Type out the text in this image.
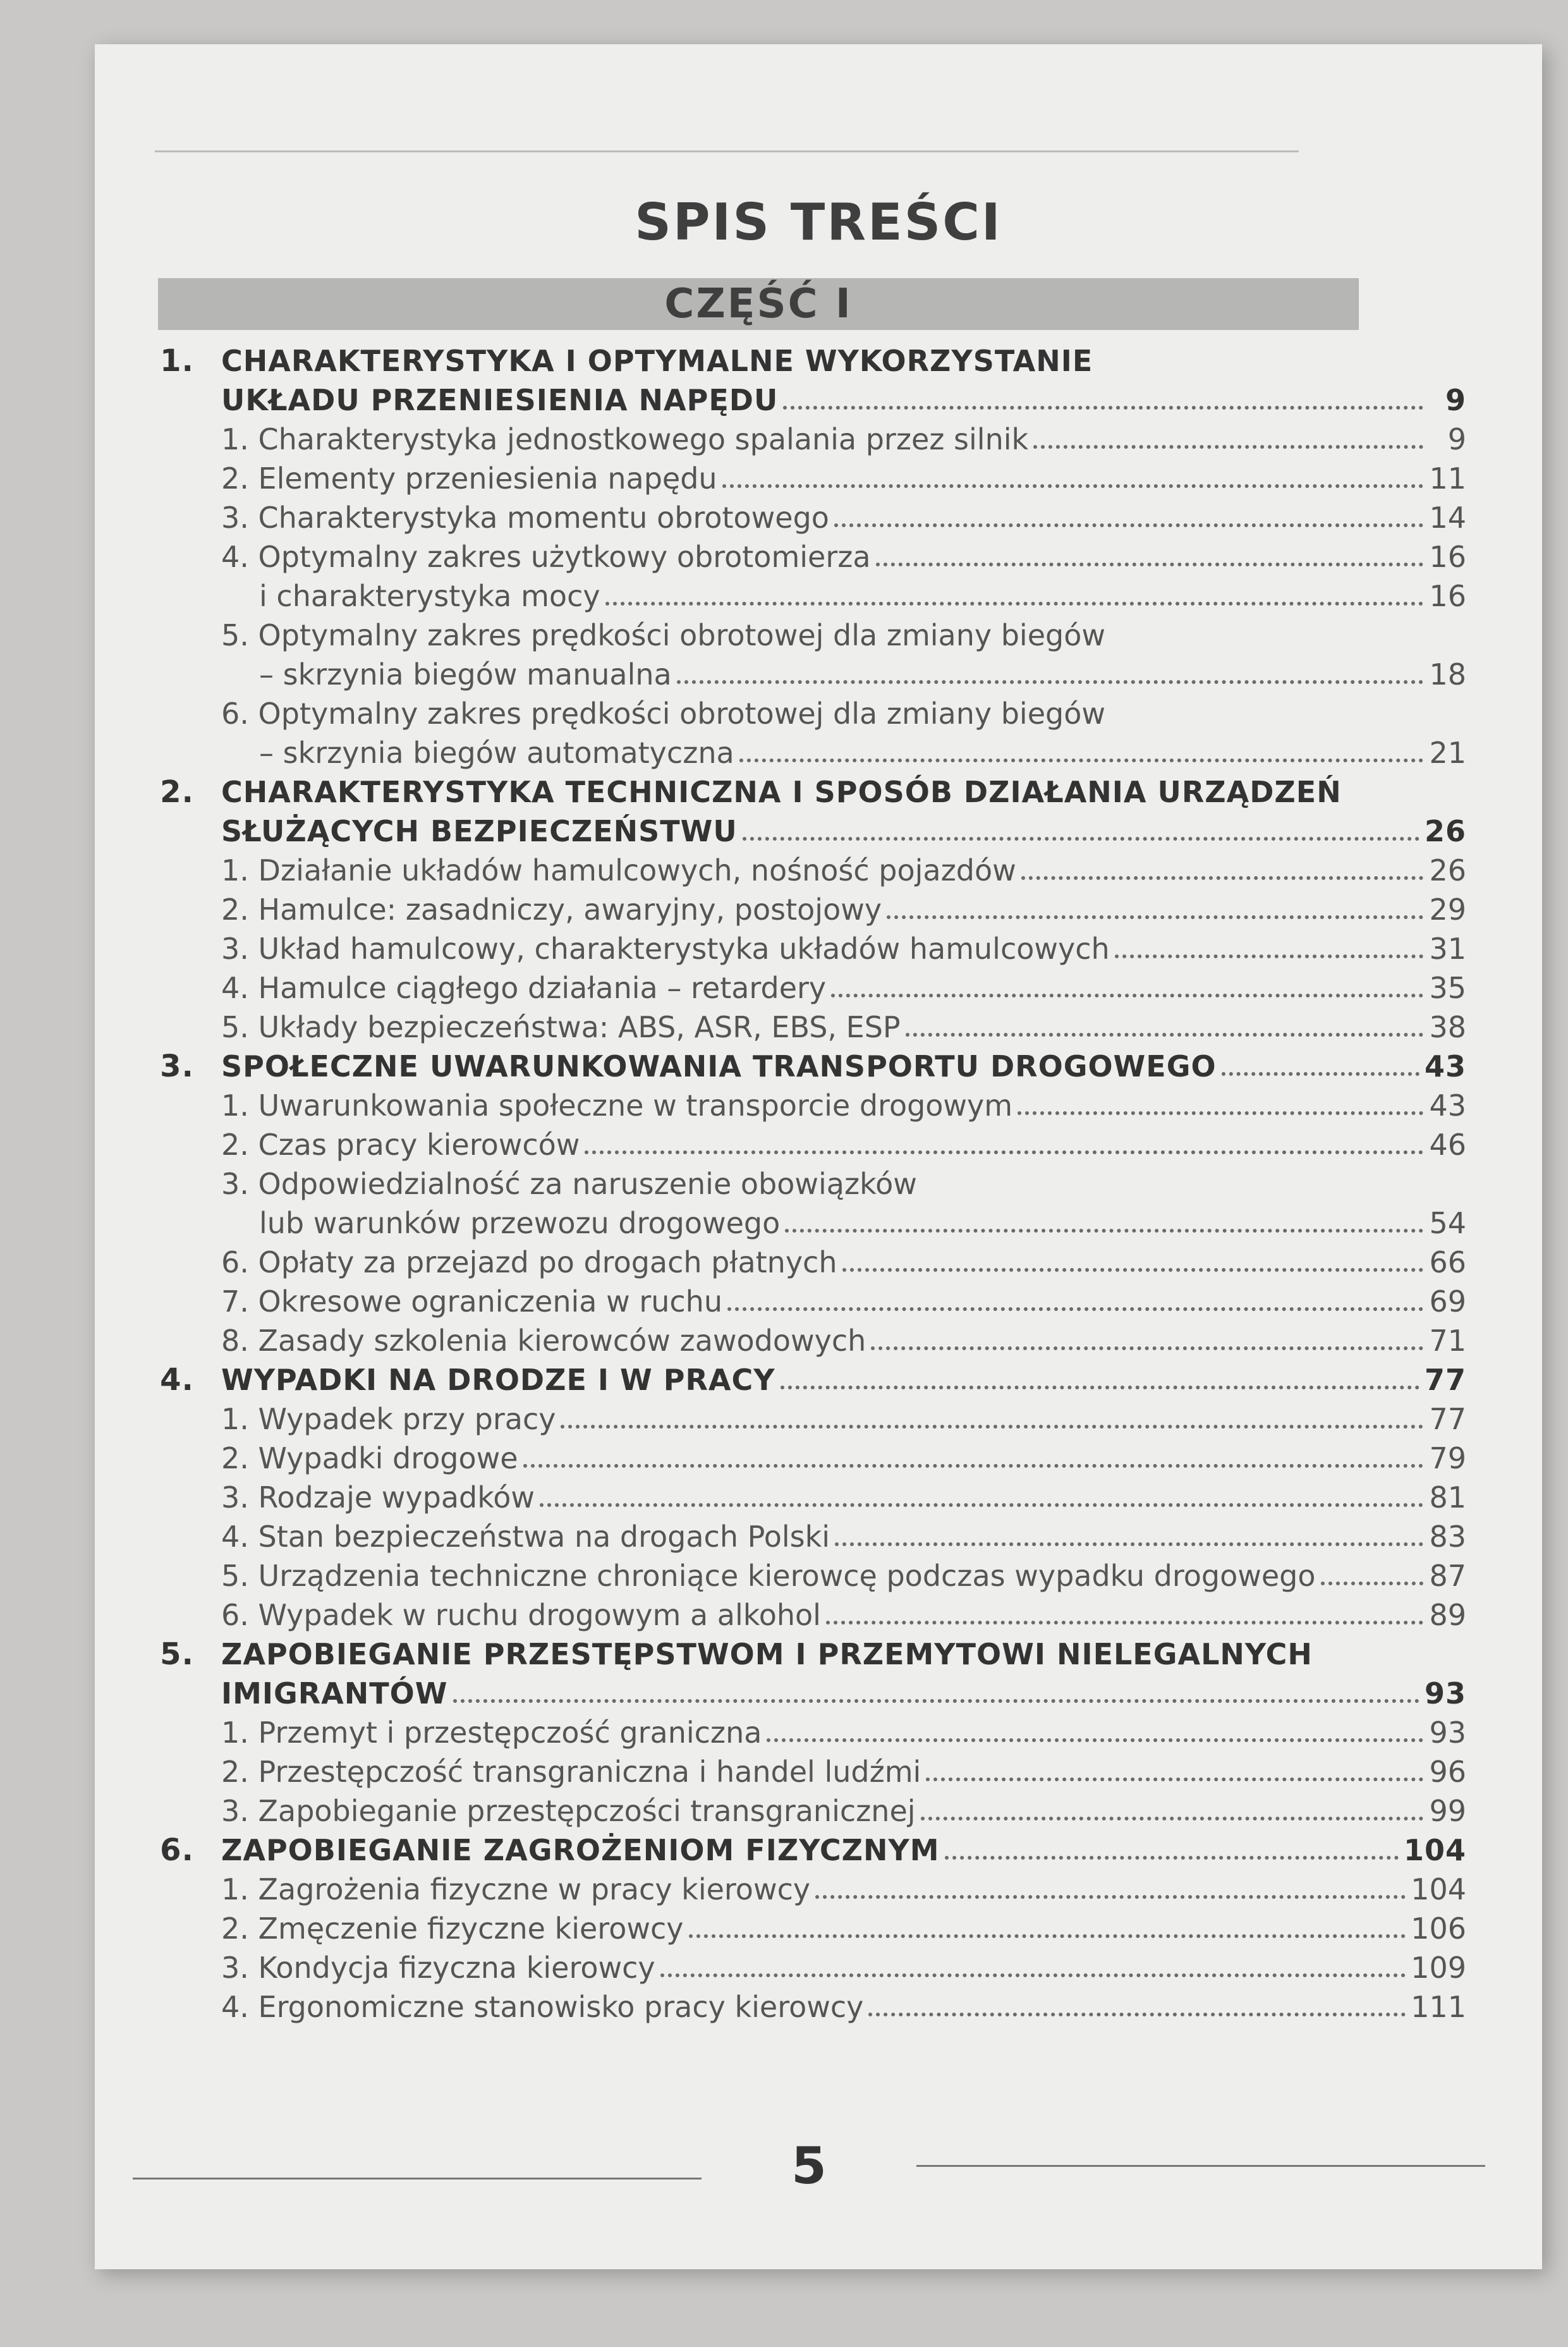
SPIS TREŚCI
CZĘŚĆ I
1. CHARAKTERYSTYKA I OPTYMALNE WYKORZYSTANIE
UKŁADU PRZENIESIENIA NAPĘDU	9
1. Charakterystyka jednostkowego spalania przez silnik	9
2. Elementy przeniesienia napędu	11
3. Charakterystyka momentu obrotowego	14
4. Optymalny zakres użytkowy obrotomierza	16
i charakterystyka mocy	16
5. Optymalny zakres prędkości obrotowej dla zmiany biegów
– skrzynia biegów manualna	18
6. Optymalny zakres prędkości obrotowej dla zmiany biegów
– skrzynia biegów automatyczna	21
2. CHARAKTERYSTYKA TECHNICZNA I SPOSÓB DZIAŁANIA URZĄDZEŃ
SŁUŻĄCYCH BEZPIECZEŃSTWU	26
1. Działanie układów hamulcowych, nośność pojazdów	26
2. Hamulce: zasadniczy, awaryjny, postojowy	29
3. Układ hamulcowy, charakterystyka układów hamulcowych	31
4. Hamulce ciągłego działania – retardery	35
5. Układy bezpieczeństwa: ABS, ASR, EBS, ESP	38
3. SPOŁECZNE UWARUNKOWANIA TRANSPORTU DROGOWEGO	43
1. Uwarunkowania społeczne w transporcie drogowym	43
2. Czas pracy kierowców	46
3. Odpowiedzialność za naruszenie obowiązków
lub warunków przewozu drogowego	54
6. Opłaty za przejazd po drogach płatnych	66
7. Okresowe ograniczenia w ruchu	69
8. Zasady szkolenia kierowców zawodowych	71
4. WYPADKI NA DRODZE I W PRACY	77
1. Wypadek przy pracy	77
2. Wypadki drogowe	79
3. Rodzaje wypadków	81
4. Stan bezpieczeństwa na drogach Polski	83
5. Urządzenia techniczne chroniące kierowcę podczas wypadku drogowego	87
6. Wypadek w ruchu drogowym a alkohol	89
5. ZAPOBIEGANIE PRZESTĘPSTWOM I PRZEMYTOWI NIELEGALNYCH
IMIGRANTÓW	93
1. Przemyt i przestępczość graniczna	93
2. Przestępczość transgraniczna i handel ludźmi	96
3. Zapobieganie przestępczości transgranicznej	99
6. ZAPOBIEGANIE ZAGROŻENIOM FIZYCZNYM	104
1. Zagrożenia fizyczne w pracy kierowcy	104
2. Zmęczenie fizyczne kierowcy	106
3. Kondycja fizyczna kierowcy	109
4. Ergonomiczne stanowisko pracy kierowcy	111
5
